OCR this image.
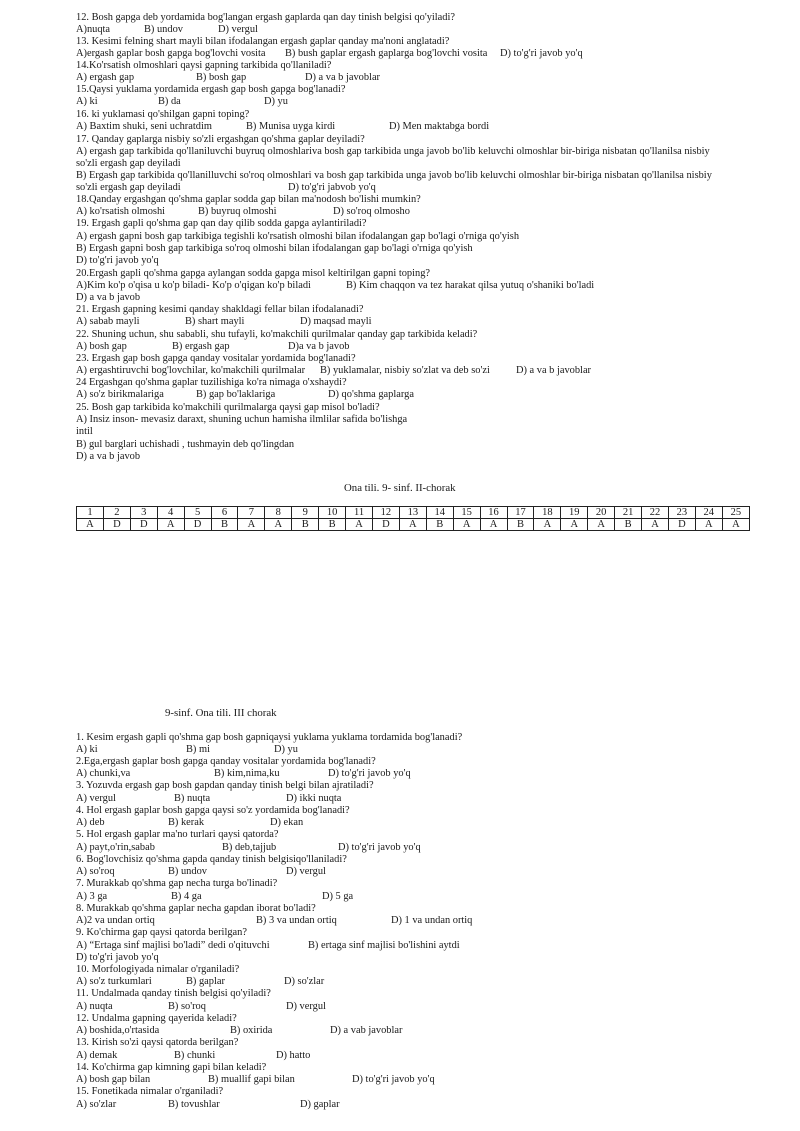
12. Bosh gapga deb yordamida bog'langan ergash gaplarda qan day tinish belgisi qo'yiladi?
A)nuqta	B) undov	D) vergul
13. Kesimi felning shart mayli bilan ifodalangan ergash gaplar qanday ma'noni anglatadi?
A)ergash gaplar bosh gapga bog'lovchi vosita B) bush gaplar ergash gaplarga bog'lovchi vosita D) to'g'ri javob yo'q
14.Ko'rsatish olmoshlari qaysi gapning tarkibida qo'llaniladi?
A) ergash gap	B) bosh gap	D) a va b javoblar
15.Qaysi yuklama yordamida ergash gap bosh gapga bog'lanadi?
A) ki	B) da	D) yu
16. ki yuklamasi qo'shilgan gapni toping?
A) Baxtim shuki, seni uchratdim	B) Munisa uyga kirdi	D) Men maktabga bordi
17. Qanday gaplarga nisbiy so'zli ergashgan qo'shma gaplar deyiladi?
A) ergash gap tarkibida qo'llaniluvchi buyruq olmoshlariva bosh gap tarkibida unga javob bo'lib keluvchi olmoshlar bir-biriga nisbatan qo'llanilsa nisbiy
so'zli ergash gap deyiladi
B) Ergash gap tarkibida qo'llanilluvchi so'roq olmoshlari va bosh gap tarkibida unga javob bo'lib keluvchi olmoshlar bir-biriga nisbatan qo'llanilsa nisbiy
so'zli ergash gap deyiladi	D) to'g'ri jabvob yo'q
18.Qanday ergashgan qo'shma gaplar sodda gap bilan ma'nodosh bo'lishi mumkin?
A) ko'rsatish olmoshi	B) buyruq olmoshi	D) so'roq olmosho
19. Ergash gapli qo'shma gap qan day qilib sodda gapga aylantiriladi?
A) ergash gapni bosh gap tarkibiga tegishli ko'rsatish olmoshi bilan ifodalangan gap bo'lagi o'rniga qo'yish
B) Ergash gapni bosh gap tarkibiga so'roq olmoshi bilan ifodalangan gap bo'lagi o'rniga qo'yish
D) to'g'ri javob yo'q
20.Ergash gapli qo'shma gapga aylangan sodda gapga misol keltirilgan gapni toping?
A)Kim ko'p o'qisa u ko'p biladi- Ko'p o'qigan ko'p biladi	B) Kim chaqqon va tez harakat qilsa yutuq o'shaniki bo'ladi
D) a va b javob
21. Ergash gapning kesimi qanday shakldagi fellar bilan ifodalanadi?
A) sabab mayli	B) shart mayli	D) maqsad mayli
22. Shuning uchun, shu sababli, shu tufayli, ko'makchili qurilmalar qanday gap tarkibida keladi?
A) bosh gap	B) ergash gap	D)a va b javob
23. Ergash gap bosh gapga qanday vositalar yordamida bog'lanadi?
A) ergashtiruvchi bog'lovchilar, ko'makchili qurilmalar B) yuklamalar, nisbiy so'zlat va deb so'zi	D) a va b javoblar
24 Ergashgan qo'shma gaplar tuzilishiga ko'ra nimaga o'xshaydi?
A) so'z birikmalariga	B) gap bo'laklariga	D) qo'shma gaplarga
25. Bosh gap tarkibida ko'makchili qurilmalarga qaysi gap misol bo'ladi?
A) Insiz inson- mevasiz daraxt, shuning uchun hamisha ilmlilar safida bo'lishga
intil
B) gul barglari uchishadi , tushmayin deb qo'lingdan
D) a va b javob
Ona tili. 9- sinf. II-chorak
1	2	3	4	5	6	7	8	9	10	11	12	13	14	15	16	17	18	19	20	21	22	23	24	25
A	D	D	A	D	B	A	A	B	B	A	D	A	B	A	A	B	A	A	A	B	A	D	A	A
9-sinf. Ona tili. III chorak
1. Kesim ergash gapli qo'shma gap bosh gapniqaysi yuklama yuklama tordamida bog'lanadi?
A) ki	B) mi	D) yu
2.Ega,ergash gaplar bosh gapga qanday vositalar yordamida bog'lanadi?
A) chunki,va	B) kim,nima,ku	D) to'g'ri javob yo'q
3. Yozuvda ergash gap bosh gapdan qanday tinish belgi bilan ajratiladi?
A) vergul	B) nuqta	D) ikki nuqta
4. Hol ergash gaplar bosh gapga qaysi so'z yordamida bog'lanadi?
A) deb	B) kerak	D) ekan
5. Hol ergash gaplar ma'no turlari qaysi qatorda?
A) payt,o'rin,sabab	B) deb,tajjub	D) to'g'ri javob yo'q
6. Bog'lovchisiz qo'shma gapda qanday tinish belgisiqo'llaniladi?
A) so'roq	B) undov	D) vergul
7. Murakkab qo'shma gap necha turga bo'linadi?
A) 3 ga	B) 4 ga	D) 5 ga
8. Murakkab qo'shma gaplar necha gapdan iborat bo'ladi?
A)2 va undan ortiq	B) 3 va undan ortiq	D) 1 va undan ortiq
9. Ko'chirma gap qaysi qatorda berilgan?
A) “Ertaga sinf majlisi bo'ladi” dedi o'qituvchi	B) ertaga sinf majlisi bo'lishini aytdi
D) to'g'ri javob yo'q
10. Morfologiyada nimalar o'rganiladi?
A) so'z turkumlari	B) gaplar	D) so'zlar
11. Undalmada qanday tinish belgisi qo'yiladi?
A) nuqta	B) so'roq	D) vergul
12. Undalma gapning qayerida keladi?
A) boshida,o'rtasida	B) oxirida	D) a vab javoblar
13. Kirish so'zi qaysi qatorda berilgan?
A) demak	B) chunki	D) hatto
14. Ko'chirma gap kimning gapi bilan keladi?
A) bosh gap bilan	B) muallif gapi bilan	D) to'g'ri javob yo'q
15. Fonetikada nimalar o'rganiladi?
A) so'zlar	B) tovushlar	D) gaplar
